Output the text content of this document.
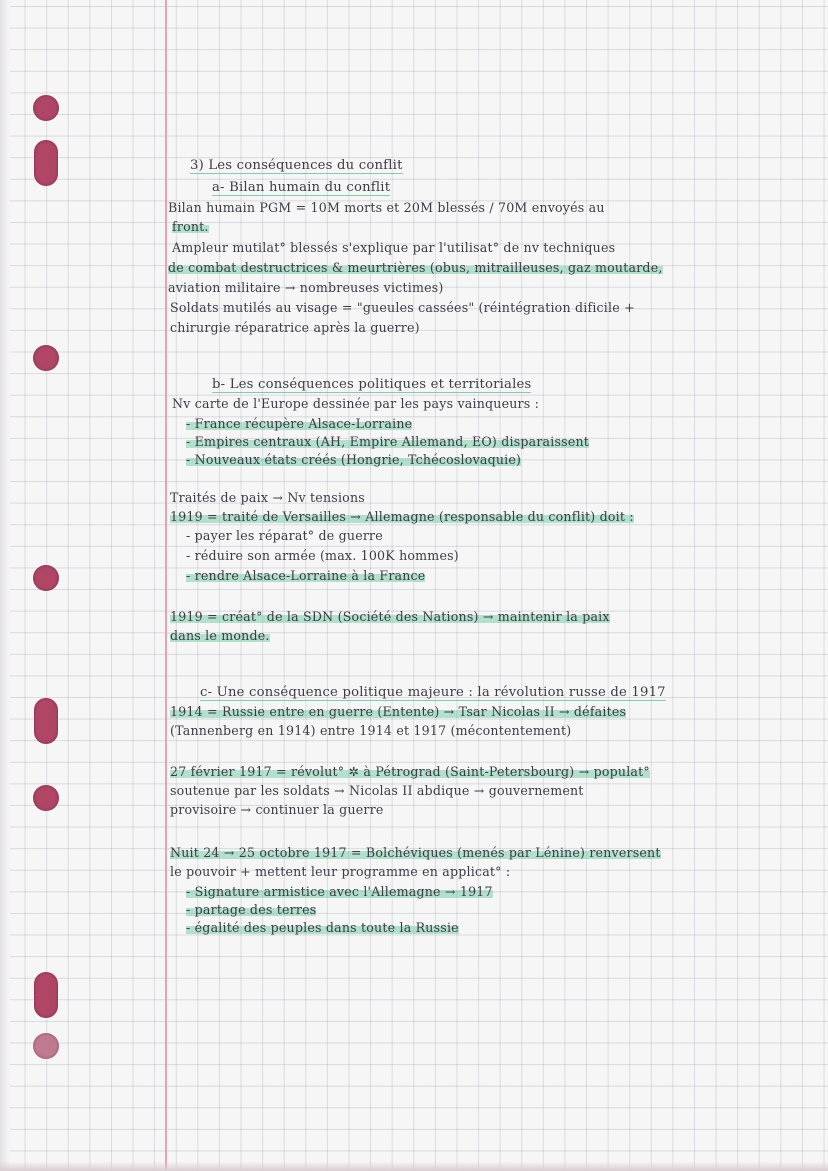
3) Les conséquences du conflit
a- Bilan humain du conflit
Bilan humain PGM = 10M morts et 20M blessés / 70M envoyés au
front.
Ampleur mutilat° blessés s'explique par l'utilisat° de nv techniques
de combat destructrices & meurtrières (obus, mitrailleuses, gaz moutarde,
aviation militaire → nombreuses victimes)
Soldats mutilés au visage = "gueules cassées" (réintégration dificile +
chirurgie réparatrice après la guerre)
b- Les conséquences politiques et territoriales
Nv carte de l'Europe dessinée par les pays vainqueurs :
- France récupère Alsace-Lorraine
- Empires centraux (AH, Empire Allemand, EO) disparaissent
- Nouveaux états créés (Hongrie, Tchécoslovaquie)
Traités de paix → Nv tensions
1919 = traité de Versailles → Allemagne (responsable du conflit) doit :
- payer les réparat° de guerre
- réduire son armée (max. 100K hommes)
- rendre Alsace-Lorraine à la France
1919 = créat° de la SDN (Société des Nations) → maintenir la paix
dans le monde.
c- Une conséquence politique majeure : la révolution russe de 1917
1914 = Russie entre en guerre (Entente) → Tsar Nicolas II → défaites
(Tannenberg en 1914) entre 1914 et 1917 (mécontentement)
27 février 1917 = révolut° ✲ à Pétrograd (Saint-Petersbourg) → populat°
soutenue par les soldats → Nicolas II abdique → gouvernement
provisoire → continuer la guerre
Nuit 24 → 25 octobre 1917 = Bolchéviques (menés par Lénine) renversent
le pouvoir + mettent leur programme en applicat° :
- Signature armistice avec l'Allemagne → 1917
- partage des terres
- égalité des peuples dans toute la Russie
